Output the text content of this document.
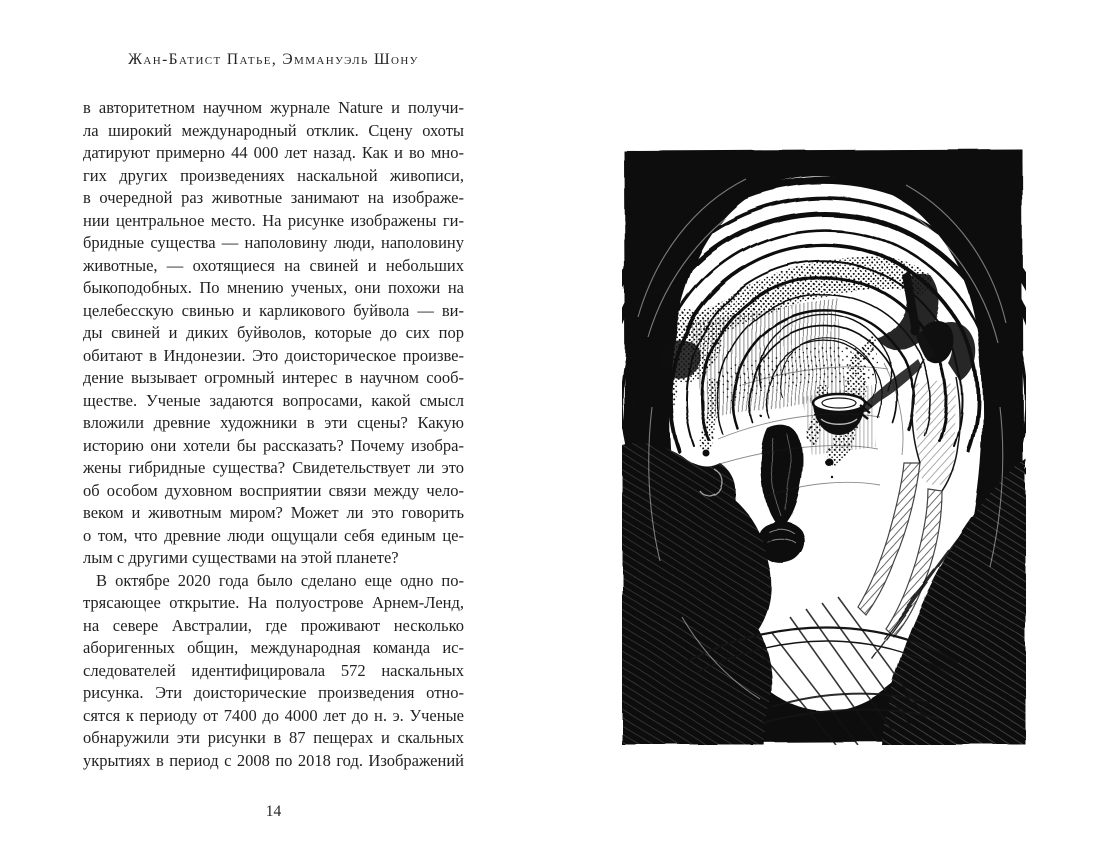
Жан-Батист Патье, Эммануэль Шону
в авторитетном научном журнале Nature и получи-
ла широкий международный отклик. Сцену охоты
датируют примерно 44 000 лет назад. Как и во мно-
гих других произведениях наскальной живописи,
в очередной раз животные занимают на изображе-
нии центральное место. На рисунке изображены ги-
бридные существа — наполовину люди, наполовину
животные, — охотящиеся на свиней и небольших
быкоподобных. По мнению ученых, они похожи на
целебесскую свинью и карликового буйвола — ви-
ды свиней и диких буйволов, которые до сих пор
обитают в Индонезии. Это доисторическое произве-
дение вызывает огромный интерес в научном сооб-
ществе. Ученые задаются вопросами, какой смысл
вложили древние художники в эти сцены? Какую
историю они хотели бы рассказать? Почему изобра-
жены гибридные существа? Свидетельствует ли это
об особом духовном восприятии связи между чело-
веком и животным миром? Может ли это говорить
о том, что древние люди ощущали себя единым це-
лым с другими существами на этой планете?
В октябре 2020 года было сделано еще одно по-
трясающее открытие. На полуострове Арнем-Ленд,
на севере Австралии, где проживают несколько
аборигенных общин, международная команда ис-
следователей идентифицировала 572 наскальных
рисунка. Эти доисторические произведения отно-
сятся к периоду от 7400 до 4000 лет до н. э. Ученые
обнаружили эти рисунки в 87 пещерах и скальных
укрытиях в период с 2008 по 2018 год. Изображений
14
